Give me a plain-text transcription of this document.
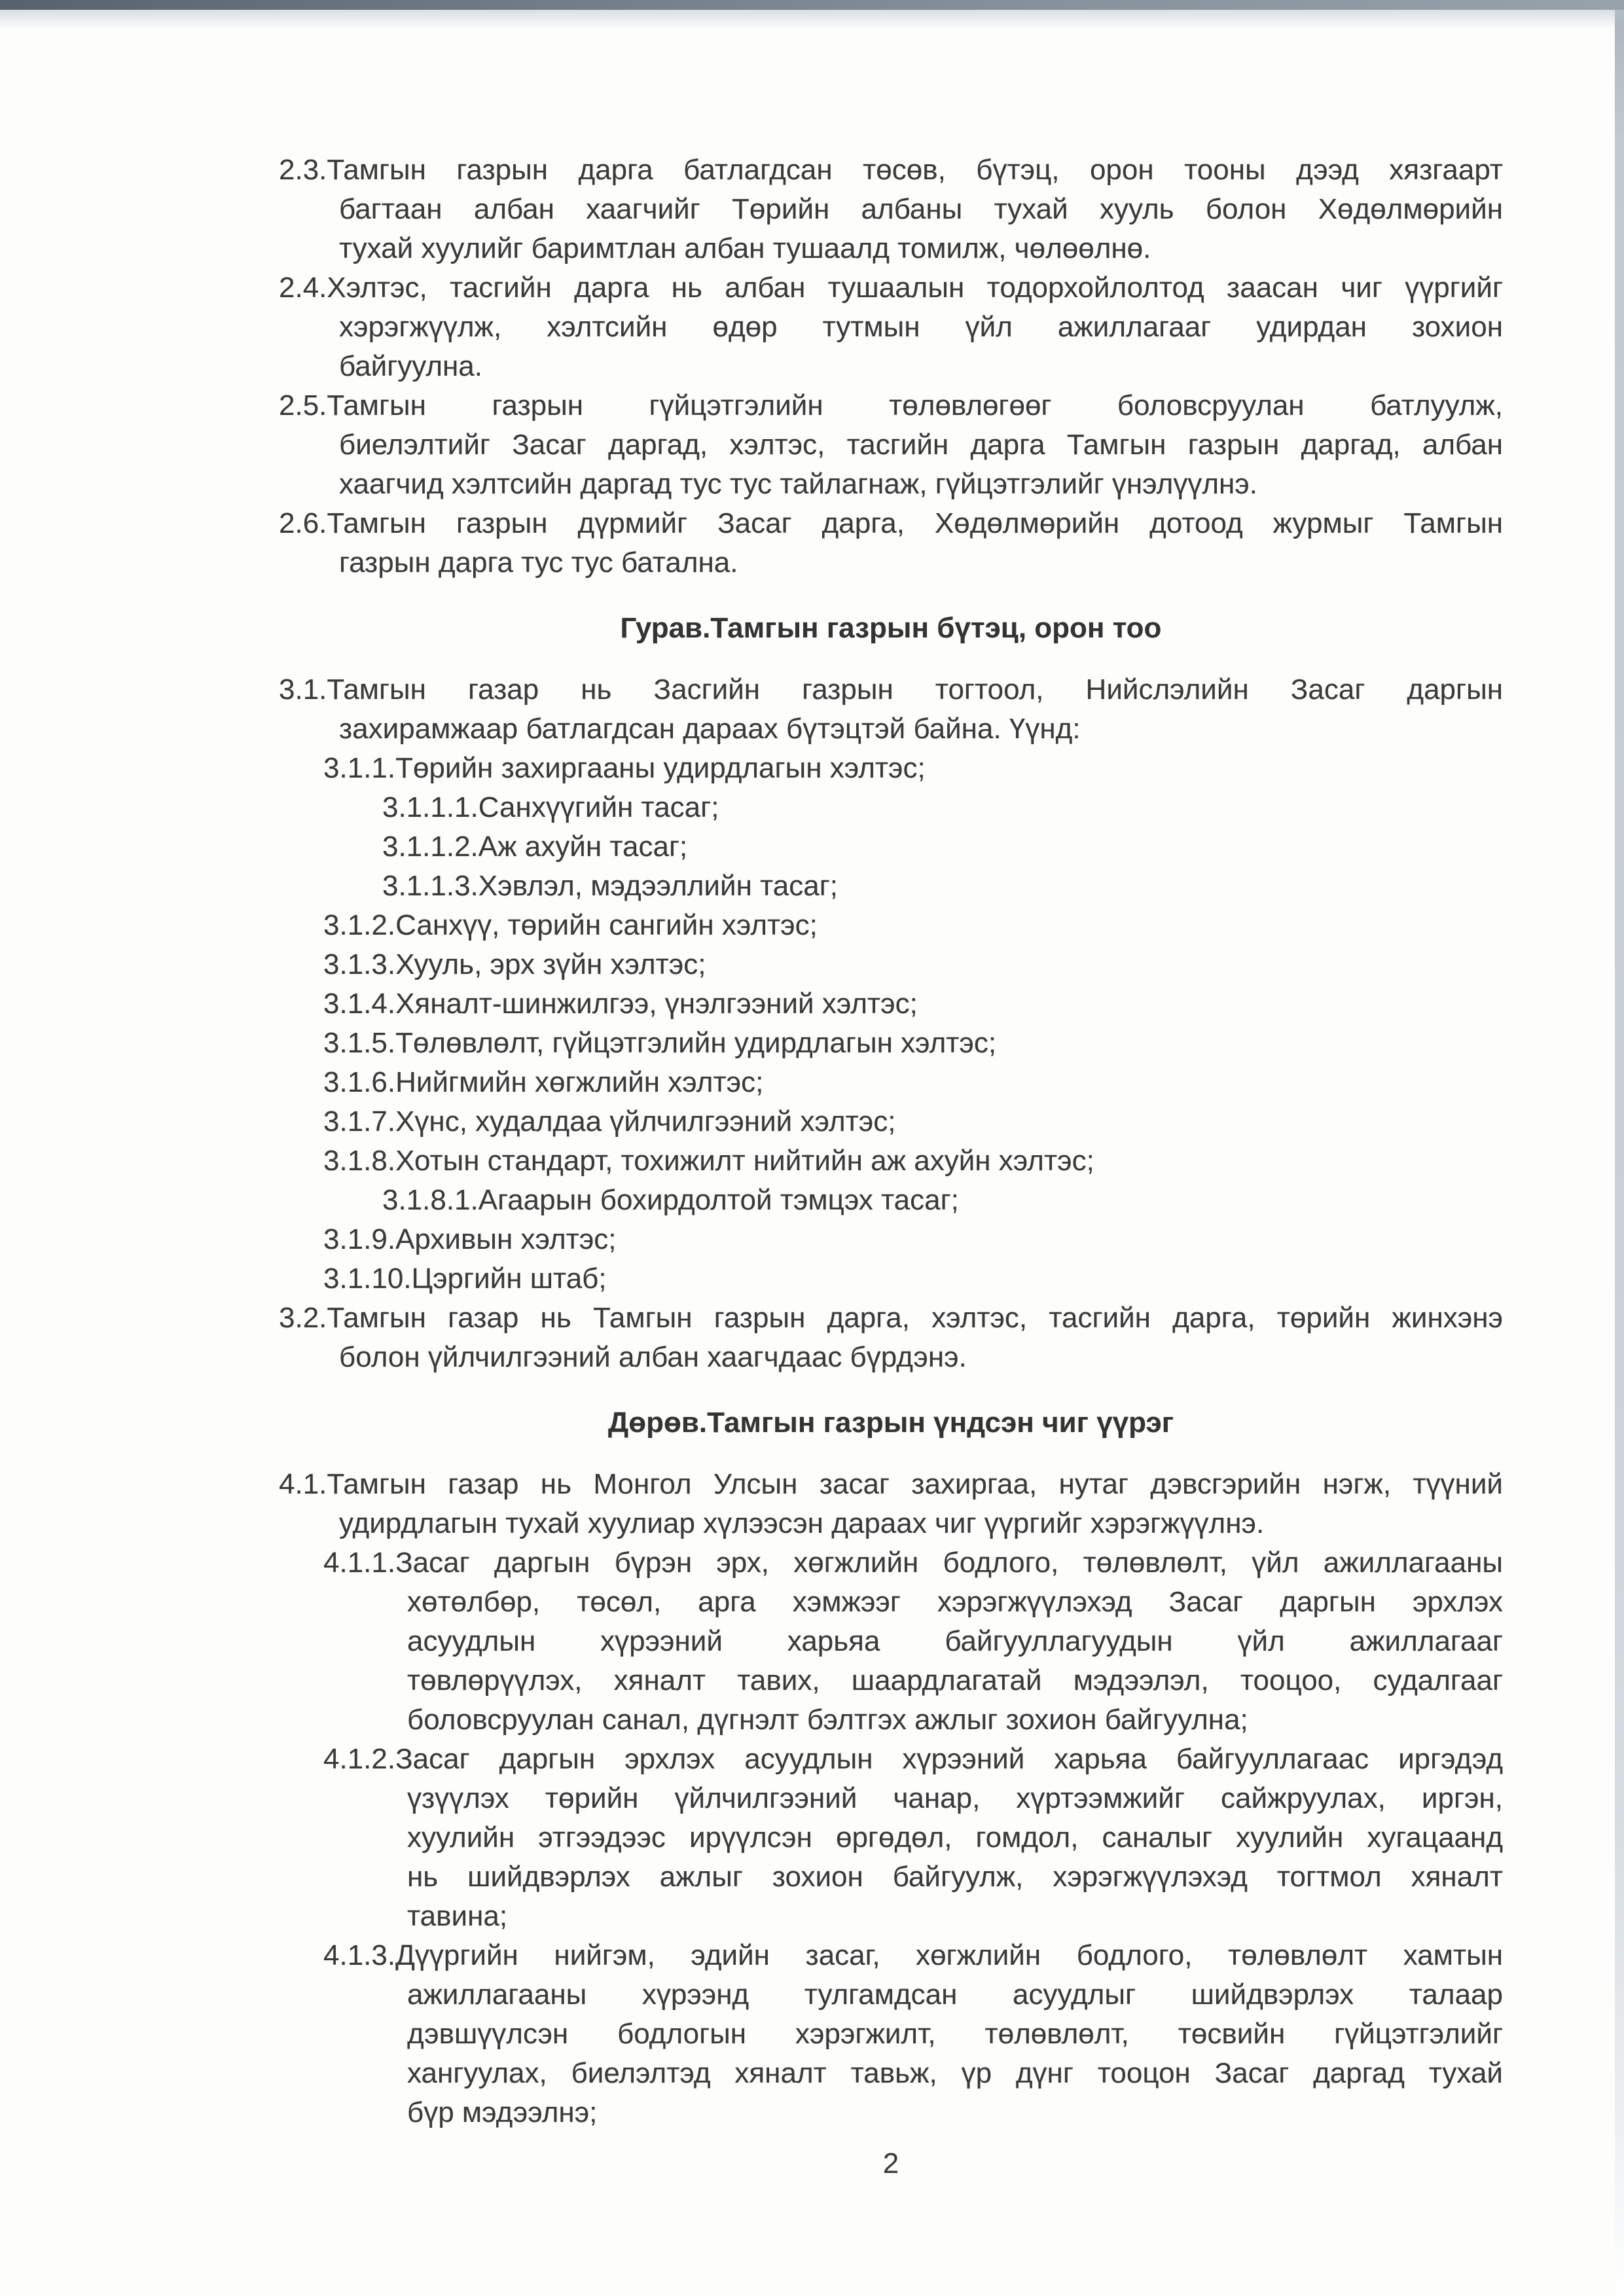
2.3.Тамгын газрын дарга батлагдсан төсөв, бүтэц, орон тооны дээд хязгаарт
багтаан албан хаагчийг Төрийн албаны тухай хууль болон Хөдөлмөрийн
тухай хуулийг баримтлан албан тушаалд томилж, чөлөөлнө.
2.4.Хэлтэс, тасгийн дарга нь албан тушаалын тодорхойлолтод заасан чиг үүргийг
хэрэгжүүлж, хэлтсийн өдөр тутмын үйл ажиллагааг удирдан зохион
байгуулна.
2.5.Тамгын газрын гүйцэтгэлийн төлөвлөгөөг боловсруулан батлуулж,
биелэлтийг Засаг даргад, хэлтэс, тасгийн дарга Тамгын газрын даргад, албан
хаагчид хэлтсийн даргад тус тус тайлагнаж, гүйцэтгэлийг үнэлүүлнэ.
2.6.Тамгын газрын дүрмийг Засаг дарга, Хөдөлмөрийн дотоод журмыг Тамгын
газрын дарга тус тус батална.
Гурав.Тамгын газрын бүтэц, орон тоо
3.1.Тамгын газар нь Засгийн газрын тогтоол, Нийслэлийн Засаг даргын
захирамжаар батлагдсан дараах бүтэцтэй байна. Үүнд:
3.1.1.Төрийн захиргааны удирдлагын хэлтэс;
3.1.1.1.Санхүүгийн тасаг;
3.1.1.2.Аж ахуйн тасаг;
3.1.1.3.Хэвлэл, мэдээллийн тасаг;
3.1.2.Санхүү, төрийн сангийн хэлтэс;
3.1.3.Хууль, эрх зүйн хэлтэс;
3.1.4.Хяналт-шинжилгээ, үнэлгээний хэлтэс;
3.1.5.Төлөвлөлт, гүйцэтгэлийн удирдлагын хэлтэс;
3.1.6.Нийгмийн хөгжлийн хэлтэс;
3.1.7.Хүнс, худалдаа үйлчилгээний хэлтэс;
3.1.8.Хотын стандарт, тохижилт нийтийн аж ахуйн хэлтэс;
3.1.8.1.Агаарын бохирдолтой тэмцэх тасаг;
3.1.9.Архивын хэлтэс;
3.1.10.Цэргийн штаб;
3.2.Тамгын газар нь Тамгын газрын дарга, хэлтэс, тасгийн дарга, төрийн жинхэнэ
болон үйлчилгээний албан хаагчдаас бүрдэнэ.
Дөрөв.Тамгын газрын үндсэн чиг үүрэг
4.1.Тамгын газар нь Монгол Улсын засаг захиргаа, нутаг дэвсгэрийн нэгж, түүний
удирдлагын тухай хуулиар хүлээсэн дараах чиг үүргийг хэрэгжүүлнэ.
4.1.1.Засаг даргын бүрэн эрх, хөгжлийн бодлого, төлөвлөлт, үйл ажиллагааны
хөтөлбөр, төсөл, арга хэмжээг хэрэгжүүлэхэд Засаг даргын эрхлэх
асуудлын хүрээний харьяа байгууллагуудын үйл ажиллагааг
төвлөрүүлэх, хяналт тавих, шаардлагатай мэдээлэл, тооцоо, судалгааг
боловсруулан санал, дүгнэлт бэлтгэх ажлыг зохион байгуулна;
4.1.2.Засаг даргын эрхлэх асуудлын хүрээний харьяа байгууллагаас иргэдэд
үзүүлэх төрийн үйлчилгээний чанар, хүртээмжийг сайжруулах, иргэн,
хуулийн этгээдээс ирүүлсэн өргөдөл, гомдол, саналыг хуулийн хугацаанд
нь шийдвэрлэх ажлыг зохион байгуулж, хэрэгжүүлэхэд тогтмол хяналт
тавина;
4.1.3.Дүүргийн нийгэм, эдийн засаг, хөгжлийн бодлого, төлөвлөлт хамтын
ажиллагааны хүрээнд тулгамдсан асуудлыг шийдвэрлэх талаар
дэвшүүлсэн бодлогын хэрэгжилт, төлөвлөлт, төсвийн гүйцэтгэлийг
хангуулах, биелэлтэд хяналт тавьж, үр дүнг тооцон Засаг даргад тухай
бүр мэдээлнэ;
2
